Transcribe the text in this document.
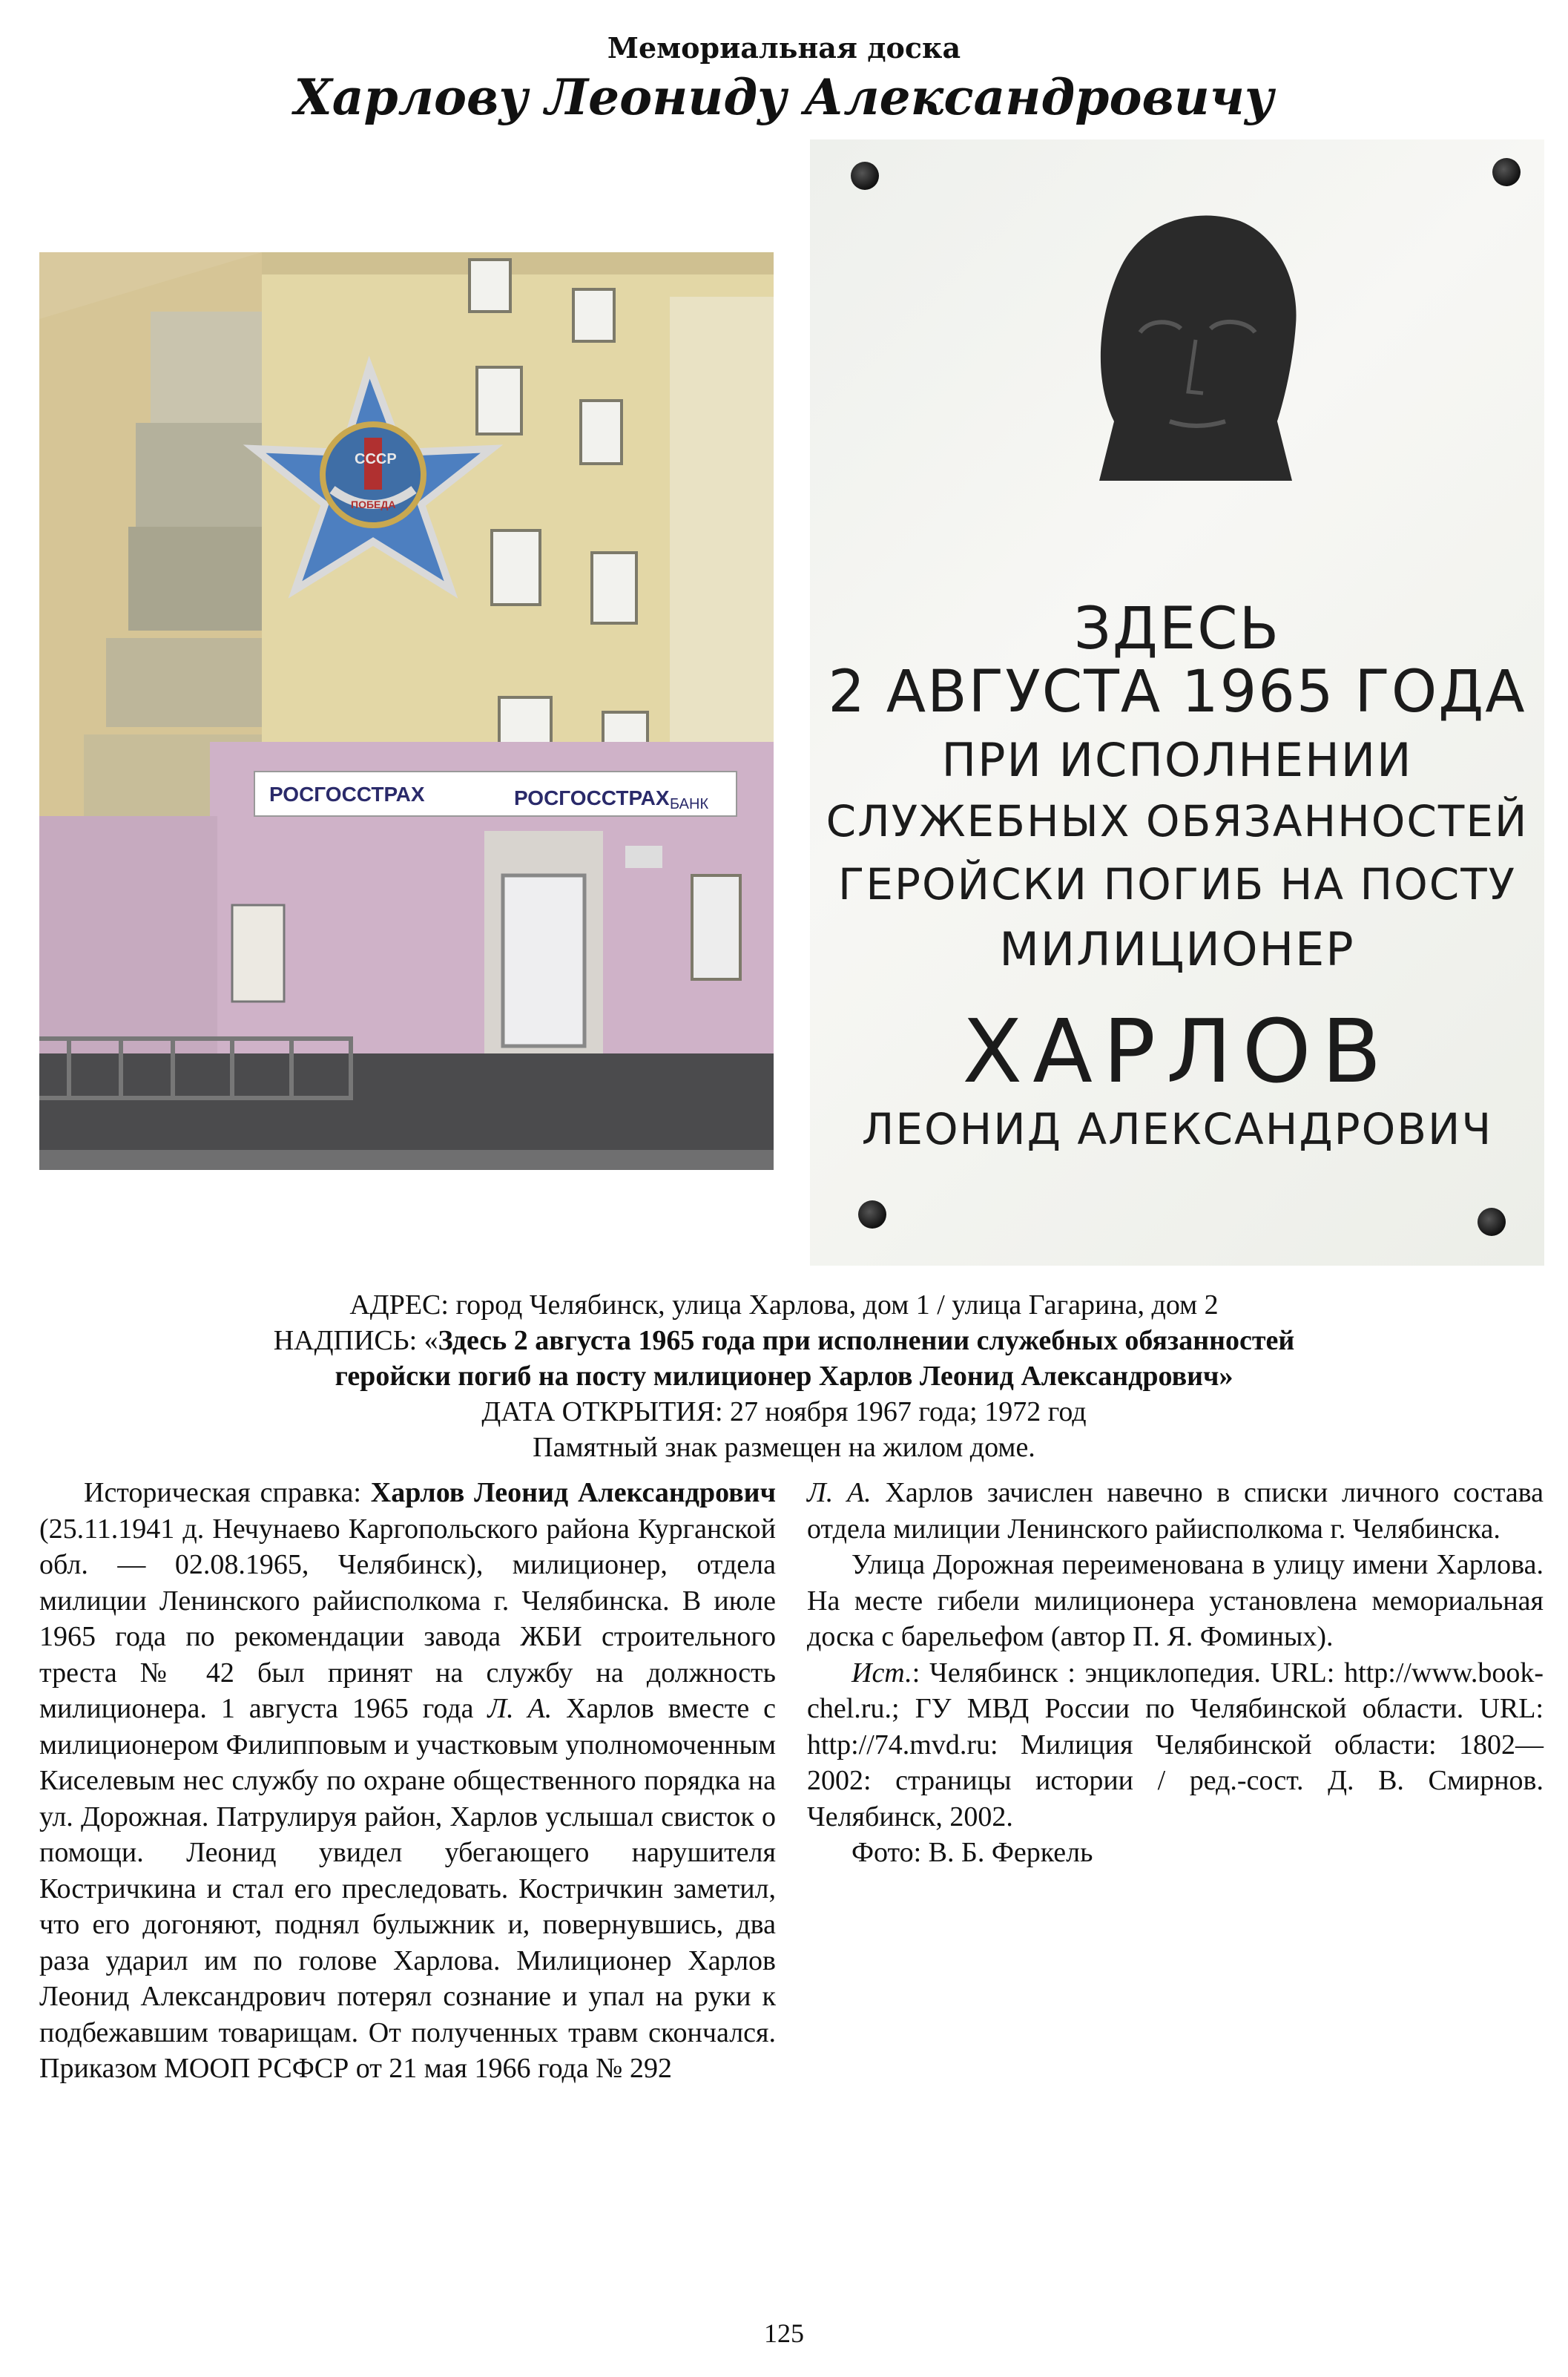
Мемориальная доска
Харлову Леониду Александровичу
РОСГОССТРАХ	РОСГОССТРАХ БАНК
СССР
ПОБЕДА
ЗДЕСЬ
2 АВГУСТА 1965 ГОДА
ПРИ ИСПОЛНЕНИИ
СЛУЖЕБНЫХ ОБЯЗАННОСТЕЙ
ГЕРОЙСКИ ПОГИБ НА ПОСТУ
МИЛИЦИОНЕР
ХАРЛОВ
ЛЕОНИД АЛЕКСАНДРОВИЧ
АДРЕС: город Челябинск, улица Харлова, дом 1 / улица Гагарина, дом 2
НАДПИСЬ: «Здесь 2 августа 1965 года при исполнении служебных обязанностей
геройски погиб на посту милиционер Харлов Леонид Александрович»
ДАТА ОТКРЫТИЯ: 27 ноября 1967 года; 1972 год
Памятный знак размещен на жилом доме.

Историческая справка: Харлов Леонид Александрович (25.11.1941 д. Нечунаево Каргопольского района Курганской обл. — 02.08.1965, Челябинск), милиционер, отдела милиции Ленинского райисполкома г. Челябинска. В июле 1965 года по рекомендации завода ЖБИ строительного треста № 42 был принят на службу на должность милиционера. 1 августа 1965 года Л. А. Харлов вместе с милиционером Филипповым и участковым уполномоченным Киселевым нес службу по охране общественного порядка на ул. Дорожная. Патрулируя район, Харлов услышал свисток о помощи. Леонид увидел убегающего нарушителя Костричкина и стал его преследовать. Костричкин заметил, что его догоняют, поднял булыжник и, повернувшись, два раза ударил им по голове Харлова. Милиционер Харлов Леонид Александрович потерял сознание и упал на руки к подбежавшим товарищам. От полученных травм скончался. Приказом МООП РСФСР от 21 мая 1966 года № 292

Л. А. Харлов зачислен навечно в списки личного состава отдела милиции Ленинского райисполкома г. Челябинска.

Улица Дорожная переименована в улицу имени Харлова. На месте гибели милиционера установлена мемориальная доска с барельефом (автор П. Я. Фоминых).

Ист.: Челябинск : энциклопедия. URL: http://www.book-chel.ru.; ГУ МВД России по Челябинской области. URL: http://74.mvd.ru: Милиция Челябинской области: 1802—2002: страницы истории / ред.-сост. Д. В. Смирнов. Челябинск, 2002.

Фото: В. Б. Феркель

125
